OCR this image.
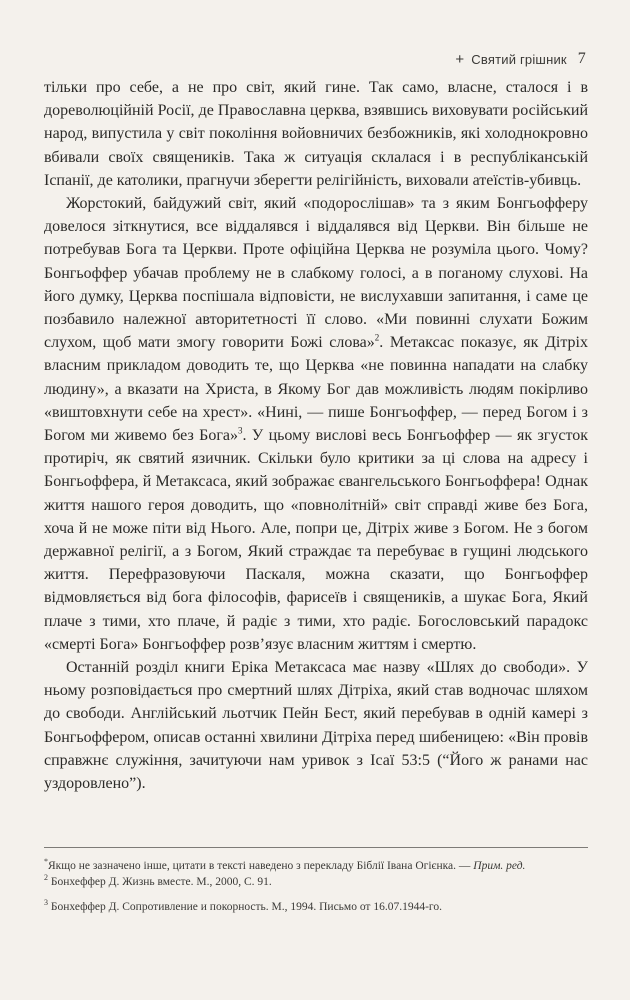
+ Святий грішник 7

тільки про себе, а не про світ, який гине. Так само, власне, сталося і в дореволюційній Росії, де Православна церква, взявшись виховувати російський народ, випустила у світ покоління войовничих безбожників, які холоднокровно вбивали своїх священиків. Така ж ситуація склалася і в республіканській Іспанії, де католики, прагнучи зберегти релігійність, виховали атеїстів-убивць.

Жорстокий, байдужий світ, який «подорослішав» та з яким Бонгьофферу довелося зіткнутися, все віддалявся і віддалявся від Церкви. Він більше не потребував Бога та Церкви. Проте офіційна Церква не розуміла цього. Чому? Бонгьоффер убачав проблему не в слабкому голосі, а в поганому слухові. На його думку, Церква поспішала відповісти, не вислухавши запитання, і саме це позбавило належної авторитетності її слово. «Ми повинні слухати Божим слухом, щоб мати змогу говорити Божі слова»$^2$. Метаксас показує, як Дітріх власним прикладом доводить те, що Церква «не повинна нападати на слабку людину», а вказати на Христа, в Якому Бог дав можливість людям покірливо «виштовхнути себе на хрест». «Нині, — пише Бонгьоффер, — перед Богом і з Богом ми живемо без Бога»$^3$. У цьому вислові весь Бонгьоффер — як згусток протиріч, як святий язичник. Скільки було критики за ці слова на адресу і Бонгьоффера, й Метаксаса, який зображає євангельського Бонгьоффера! Однак життя нашого героя доводить, що «повнолітній» світ справді живе без Бога, хоча й не може піти від Нього. Але, попри це, Дітріх живе з Богом. Не з богом державної релігії, а з Богом, Який страждає та перебуває в гущині людського життя. Перефразовуючи Паскаля, можна сказати, що Бонгьоффер відмовляється від бога філософів, фарисеїв і священиків, а шукає Бога, Який плаче з тими, хто плаче, й радіє з тими, хто радіє. Богословський парадокс «смерті Бога» Бонгьоффер розв’язує власним життям і смертю.

Останній розділ книги Еріка Метаксаса має назву «Шлях до свободи». У ньому розповідається про смертний шлях Дітріха, який став водночас шляхом до свободи. Англійський льотчик Пейн Бест, який перебував в одній камері з Бонгьоффером, описав останні хвилини Дітріха перед шибеницею: «Він провів справжнє служіння, зачитуючи нам уривок з Ісаї 53:5 (“Його ж ранами нас уздоровлено”).

*Якщо не зазначено інше, цитати в тексті наведено з перекладу Біблії Івана Огієнка. — Прим. ред.

$^2$ Бонхеффер Д. Жизнь вместе. М., 2000, С. 91.

$^3$ Бонхеффер Д. Сопротивление и покорность. М., 1994. Письмо от 16.07.1944-го.
